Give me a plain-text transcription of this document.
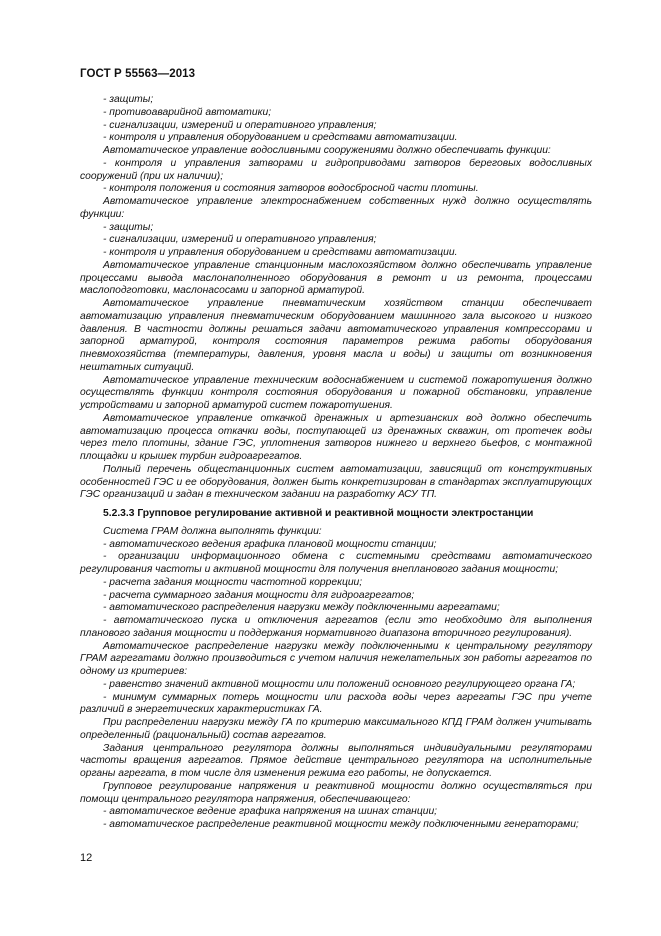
ГОСТ Р 55563—2013

- защиты;

- противоаварийной автоматики;

- сигнализации, измерений и оперативного управления;

- контроля и управления оборудованием и средствами автоматизации.

Автоматическое управление водосливными сооружениями должно обеспечивать функции:

- контроля и управления затворами и гидроприводами затворов береговых водосливных сооружений (при их наличии);

- контроля положения и состояния затворов водосбросной части плотины.

Автоматическое управление электроснабжением собственных нужд должно осуществлять функции:

- защиты;

- сигнализации, измерений и оперативного управления;

- контроля и управления оборудованием и средствами автоматизации.

Автоматическое управление станционным маслохозяйством должно обеспечивать управление процессами вывода маслонаполненного оборудования в ремонт и из ремонта, процессами маслоподготовки, маслонасосами и запорной арматурой.

Автоматическое управление пневматическим хозяйством станции обеспечивает автоматизацию управления пневматическим оборудованием машинного зала высокого и низкого давления. В частности должны решаться задачи автоматического управления компрессорами и запорной арматурой, контроля состояния параметров режима работы оборудования пневмохозяйства (температуры, давления, уровня масла и воды) и защиты от возникновения нештатных ситуаций.

Автоматическое управление техническим водоснабжением и системой пожаротушения должно осуществлять функции контроля состояния оборудования и пожарной обстановки, управление устройствами и запорной арматурой систем пожаротушения.

Автоматическое управление откачкой дренажных и артезианских вод должно обеспечить автоматизацию процесса откачки воды, поступающей из дренажных скважин, от протечек воды через тело плотины, здание ГЭС, уплотнения затворов нижнего и верхнего бьефов, с монтажной площадки и крышек турбин гидроагрегатов.

Полный перечень общестанционных систем автоматизации, зависящий от конструктивных особенностей ГЭС и ее оборудования, должен быть конкретизирован в стандартах эксплуатирующих ГЭС организаций и задан в техническом задании на разработку АСУ ТП.

5.2.3.3 Групповое регулирование активной и реактивной мощности электростанции

Система ГРАМ должна выполнять функции:

- автоматического ведения графика плановой мощности станции;

- организации информационного обмена с системными средствами автоматического регулирования частоты и активной мощности для получения внепланового задания мощности;

- расчета задания мощности частотной коррекции;

- расчета суммарного задания мощности для гидроагрегатов;

- автоматического распределения нагрузки между подключенными агрегатами;

- автоматического пуска и отключения агрегатов (если это необходимо для выполнения планового задания мощности и поддержания нормативного диапазона вторичного регулирования).

Автоматическое распределение нагрузки между подключенными к центральному регулятору ГРАМ агрегатами должно производиться с учетом наличия нежелательных зон работы агрегатов по одному из критериев:

- равенство значений активной мощности или положений основного регулирующего органа ГА;

- минимум суммарных потерь мощности или расхода воды через агрегаты ГЭС при учете различий в энергетических характеристиках ГА.

При распределении нагрузки между ГА по критерию максимального КПД ГРАМ должен учитывать определенный (рациональный) состав агрегатов.

Задания центрального регулятора должны выполняться индивидуальными регуляторами частоты вращения агрегатов. Прямое действие центрального регулятора на исполнительные органы агрегата, в том числе для изменения режима его работы, не допускается.

Групповое регулирование напряжения и реактивной мощности должно осуществляться при помощи центрального регулятора напряжения, обеспечивающего:

- автоматическое ведение графика напряжения на шинах станции;

- автоматическое распределение реактивной мощности между подключенными генераторами;

12
